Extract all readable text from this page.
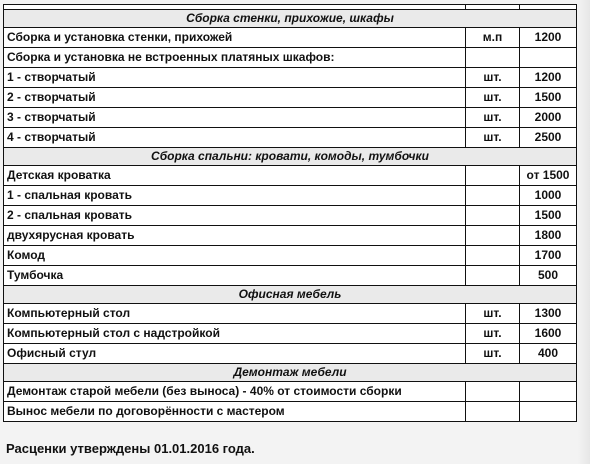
Сборка стенки, прихожие, шкафы		
Сборка и установка стенки, прихожей	м.п	1200
Сборка и установка не встроенных платяных шкафов:		
1 - створчатый	шт.	1200
2 - створчатый	шт.	1500
3 - створчатый	шт.	2000
4 - створчатый	шт.	2500
Сборка спальни: кровати, комоды, тумбочки		
Детская кроватка		от 1500
1 - спальная кровать		1000
2 - спальная кровать		1500
двухярусная кровать		1800
Комод		1700
Тумбочка		500
Офисная мебель		
Компьютерный стол	шт.	1300
Компьютерный стол с надстройкой	шт.	1600
Офисный стул	шт.	400
Демонтаж мебели		
Демонтаж старой мебели (без выноса) - 40% от стоимости сборки		
Вынос мебели по договорённости с мастером		
Расценки утверждены 01.01.2016 года.
